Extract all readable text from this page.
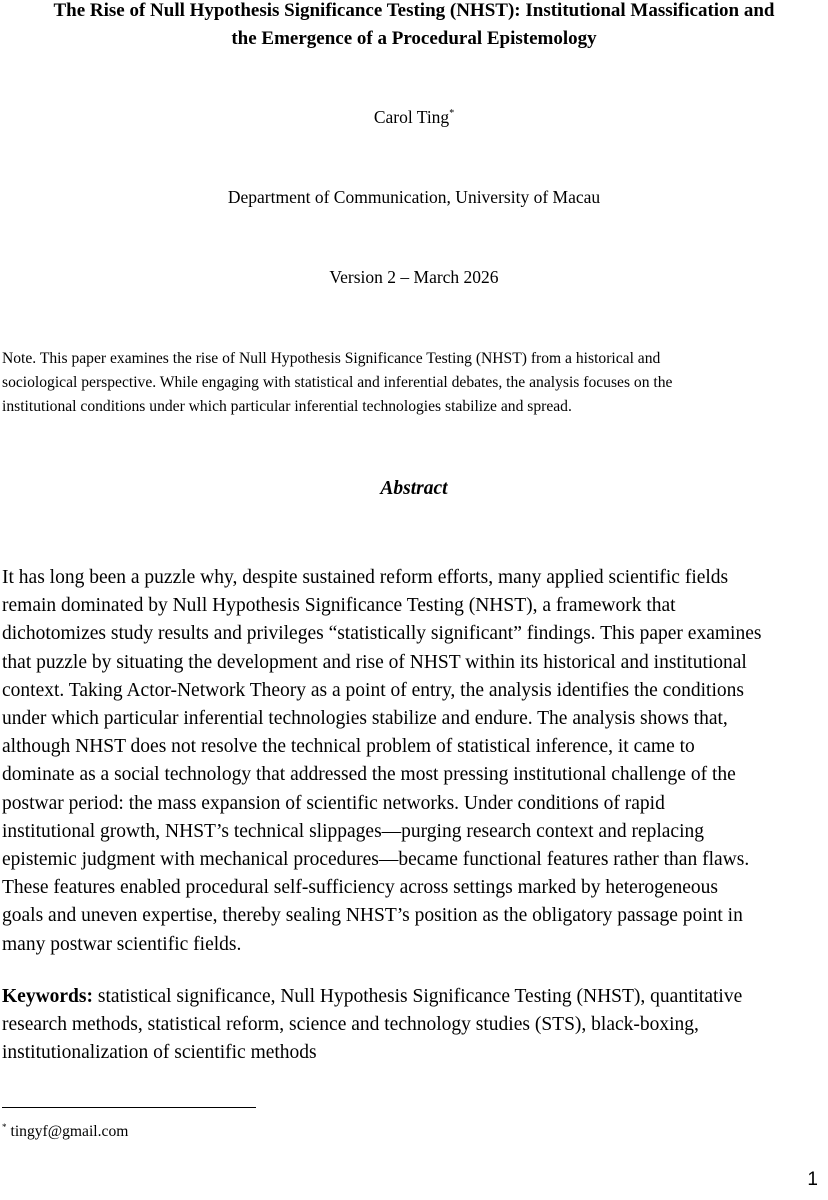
The Rise of Null Hypothesis Significance Testing (NHST): Institutional Massification and
the Emergence of a Procedural Epistemology

Carol Ting*

Department of Communication, University of Macau

Version 2 – March 2026

Note. This paper examines the rise of Null Hypothesis Significance Testing (NHST) from a historical and
sociological perspective. While engaging with statistical and inferential debates, the analysis focuses on the
institutional conditions under which particular inferential technologies stabilize and spread.

Abstract

It has long been a puzzle why, despite sustained reform efforts, many applied scientific fields
remain dominated by Null Hypothesis Significance Testing (NHST), a framework that
dichotomizes study results and privileges “statistically significant” findings. This paper examines
that puzzle by situating the development and rise of NHST within its historical and institutional
context. Taking Actor-Network Theory as a point of entry, the analysis identifies the conditions
under which particular inferential technologies stabilize and endure. The analysis shows that,
although NHST does not resolve the technical problem of statistical inference, it came to
dominate as a social technology that addressed the most pressing institutional challenge of the
postwar period: the mass expansion of scientific networks. Under conditions of rapid
institutional growth, NHST’s technical slippages—purging research context and replacing
epistemic judgment with mechanical procedures—became functional features rather than flaws.
These features enabled procedural self-sufficiency across settings marked by heterogeneous
goals and uneven expertise, thereby sealing NHST’s position as the obligatory passage point in
many postwar scientific fields.

Keywords: statistical significance, Null Hypothesis Significance Testing (NHST), quantitative
research methods, statistical reform, science and technology studies (STS), black-boxing,
institutionalization of scientific methods

* tingyf@gmail.com

1
